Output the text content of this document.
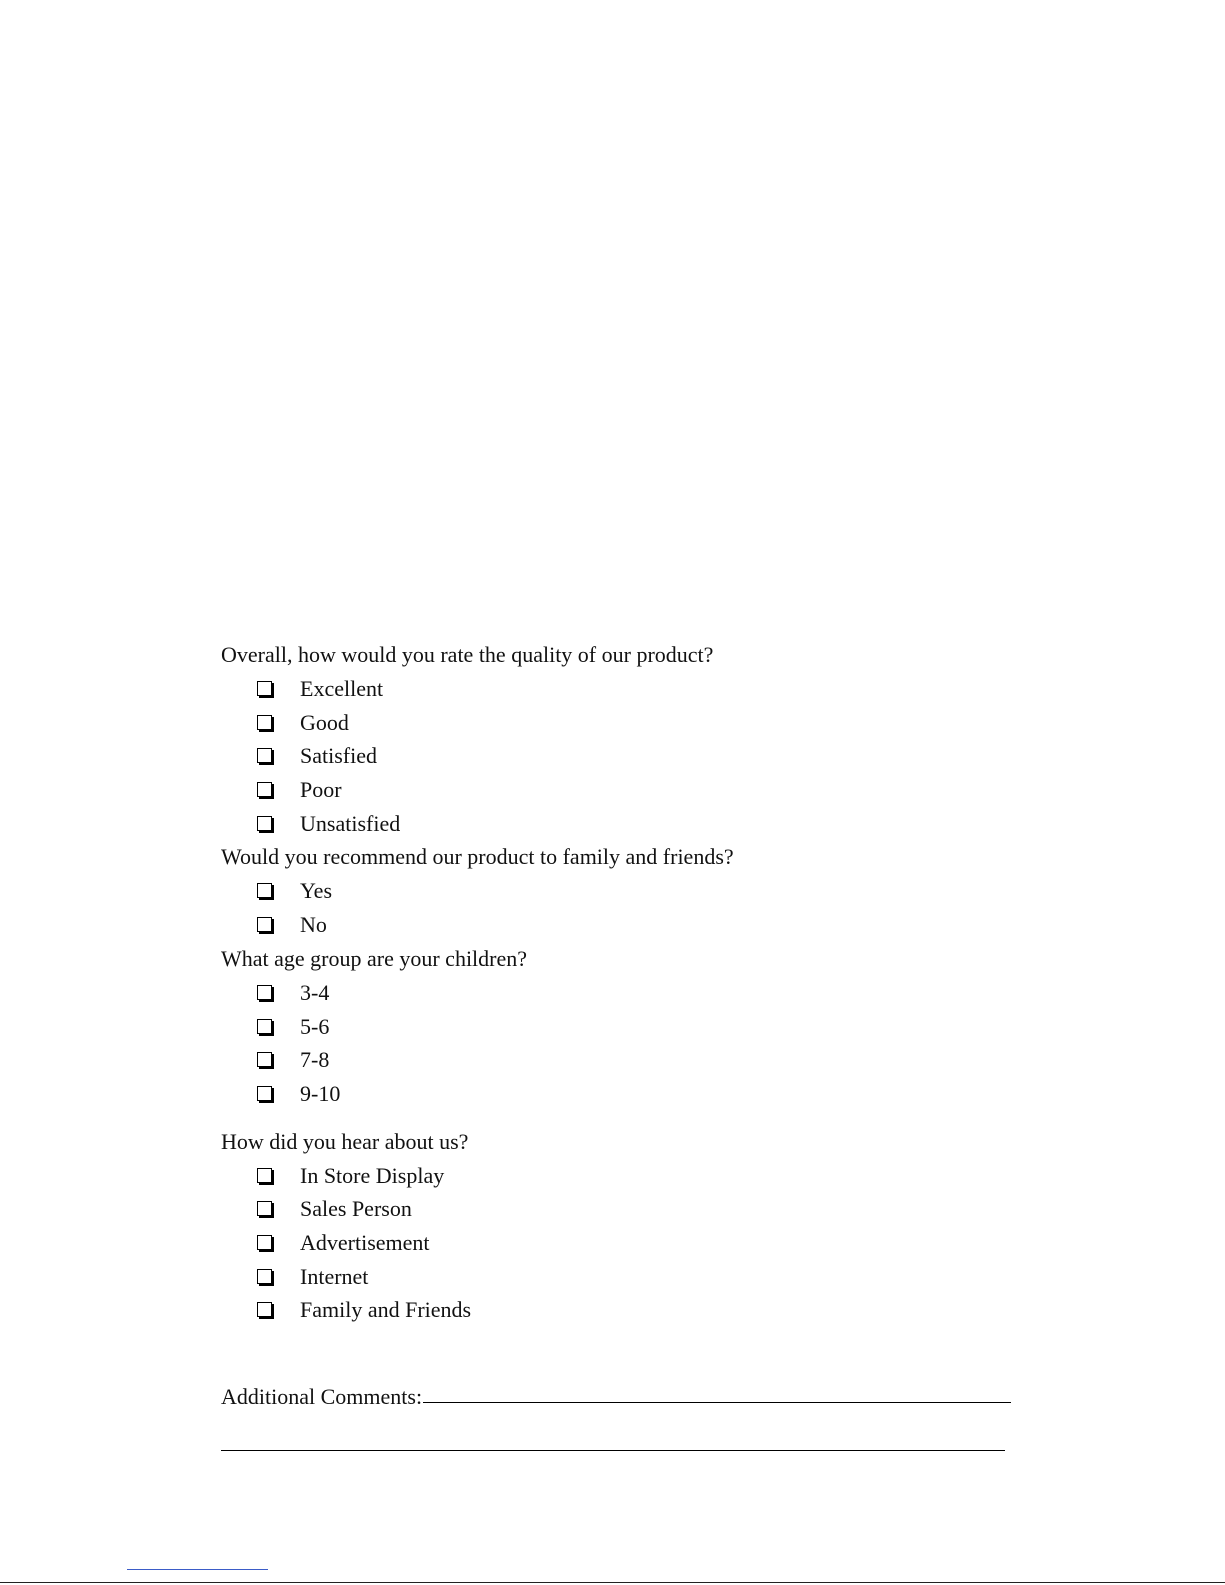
Overall, how would you rate the quality of our product?
Excellent
Good
Satisfied
Poor
Unsatisfied
Would you recommend our product to family and friends?
Yes
No
What age group are your children?
3-4
5-6
7-8
9-10
How did you hear about us?
In Store Display
Sales Person
Advertisement
Internet
Family and Friends
Additional Comments:
